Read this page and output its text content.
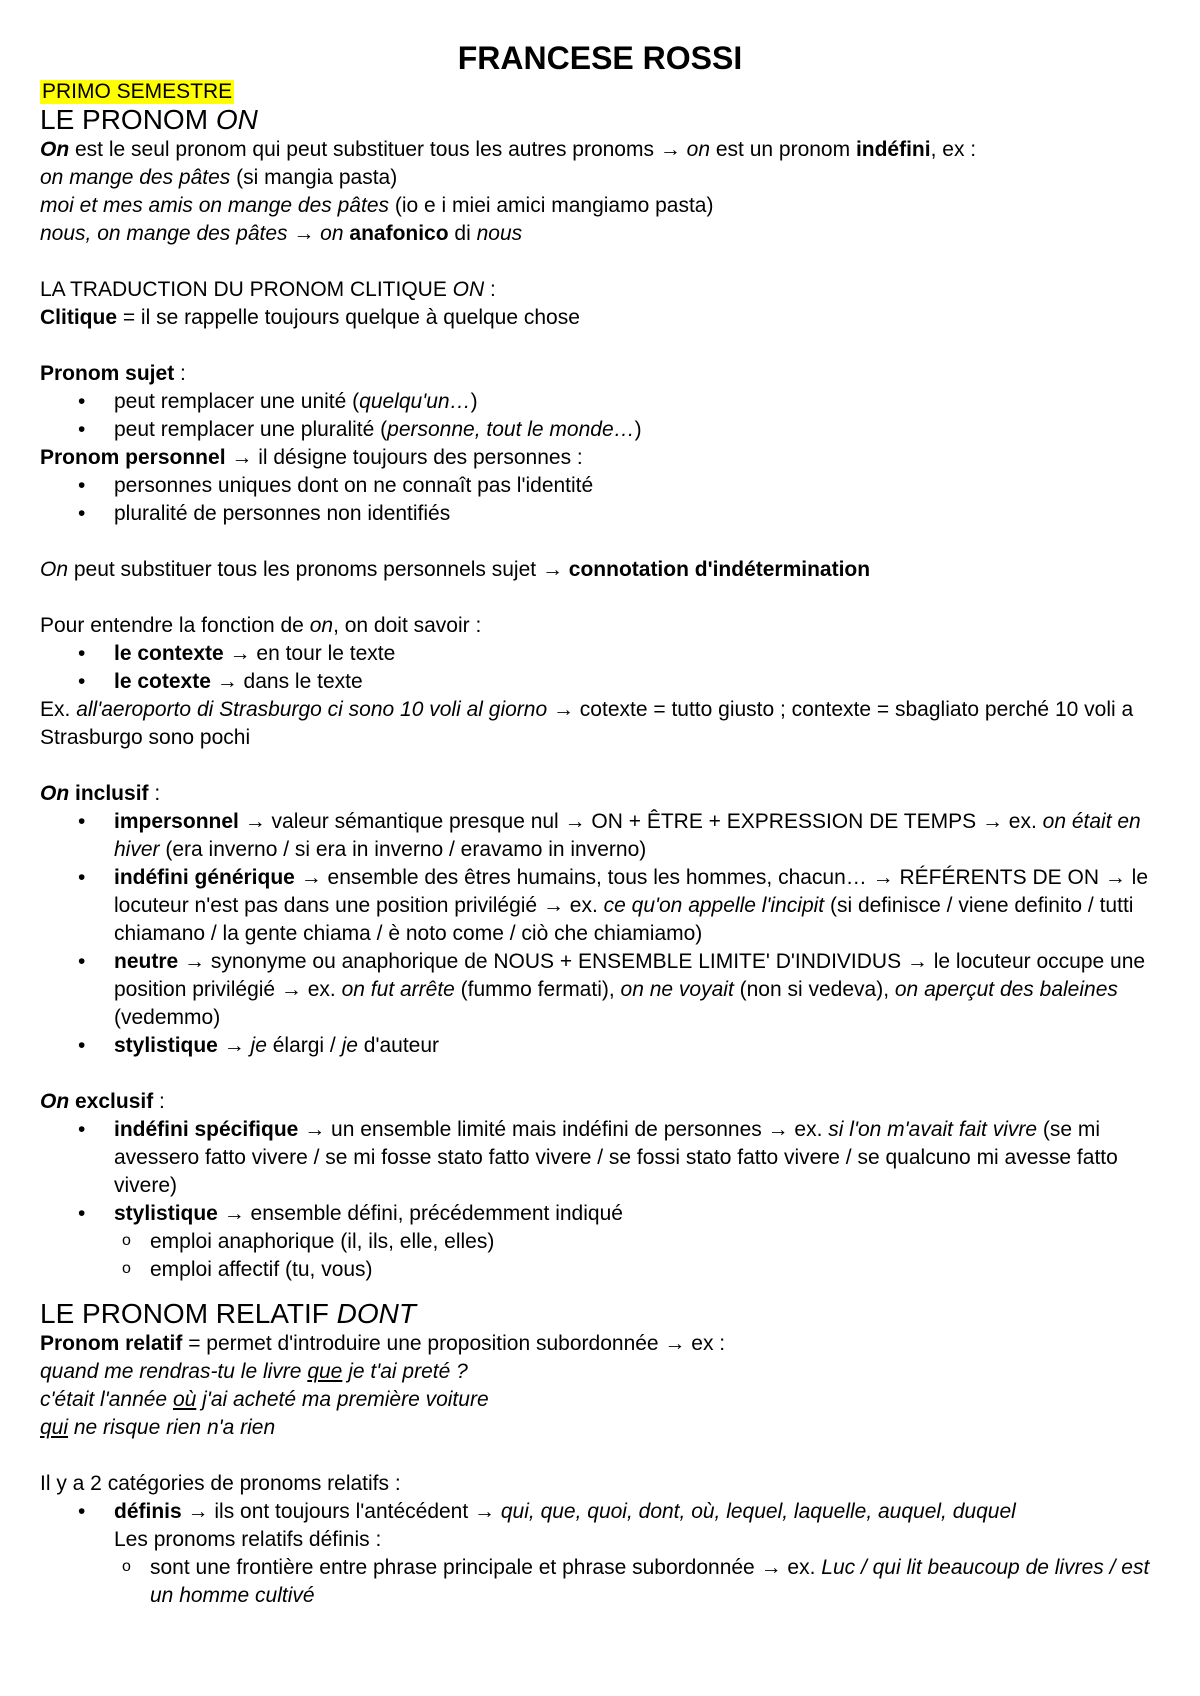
FRANCESE ROSSI
PRIMO SEMESTRE
LE PRONOM ON

On est le seul pronom qui peut substituer tous les autres pronoms → on est un pronom indéfini, ex :

on mange des pâtes (si mangia pasta)

moi et mes amis on mange des pâtes (io e i miei amici mangiamo pasta)

nous, on mange des pâtes → on anafonico di nous

LA TRADUCTION DU PRONOM CLITIQUE ON :

Clitique = il se rappelle toujours quelque à quelque chose

Pronom sujet :

• peut remplacer une unité (quelqu'un…)
• peut remplacer une pluralité (personne, tout le monde…)

Pronom personnel → il désigne toujours des personnes :

• personnes uniques dont on ne connaît pas l'identité
• pluralité de personnes non identifiés

On peut substituer tous les pronoms personnels sujet → connotation d'indétermination

Pour entendre la fonction de on, on doit savoir :

• le contexte → en tour le texte
• le cotexte → dans le texte

Ex. all'aeroporto di Strasburgo ci sono 10 voli al giorno → cotexte = tutto giusto ; contexte = sbagliato perché 10 voli a Strasburgo sono pochi

On inclusif :

• impersonnel → valeur sémantique presque nul → ON + ÊTRE + EXPRESSION DE TEMPS → ex. on était en hiver (era inverno / si era in inverno / eravamo in inverno)
• indéfini générique → ensemble des êtres humains, tous les hommes, chacun… → RÉFÉRENTS DE ON → le locuteur n'est pas dans une position privilégié → ex. ce qu'on appelle l'incipit (si definisce / viene definito / tutti chiamano / la gente chiama / è noto come / ciò che chiamiamo)
• neutre → synonyme ou anaphorique de NOUS + ENSEMBLE LIMITE' D'INDIVIDUS → le locuteur occupe une position privilégié → ex. on fut arrête (fummo fermati), on ne voyait (non si vedeva), on aperçut des baleines (vedemmo)
• stylistique → je élargi / je d'auteur

On exclusif :

• indéfini spécifique → un ensemble limité mais indéfini de personnes → ex. si l'on m'avait fait vivre (se mi avessero fatto vivere / se mi fosse stato fatto vivere / se fossi stato fatto vivere / se qualcuno mi avesse fatto vivere)
• stylistique → ensemble défini, précédemment indiqué
o emploi anaphorique (il, ils, elle, elles)
o emploi affectif (tu, vous)
LE PRONOM RELATIF DONT

Pronom relatif = permet d'introduire une proposition subordonnée → ex :

quand me rendras-tu le livre que je t'ai preté ?

c'était l'année où j'ai acheté ma première voiture

qui ne risque rien n'a rien

Il y a 2 catégories de pronoms relatifs :

• définis → ils ont toujours l'antécédent → qui, que, quoi, dont, où, lequel, laquelle, auquel, duquel
Les pronoms relatifs définis :
o sont une frontière entre phrase principale et phrase subordonnée → ex. Luc / qui lit beaucoup de livres / est un homme cultivé
